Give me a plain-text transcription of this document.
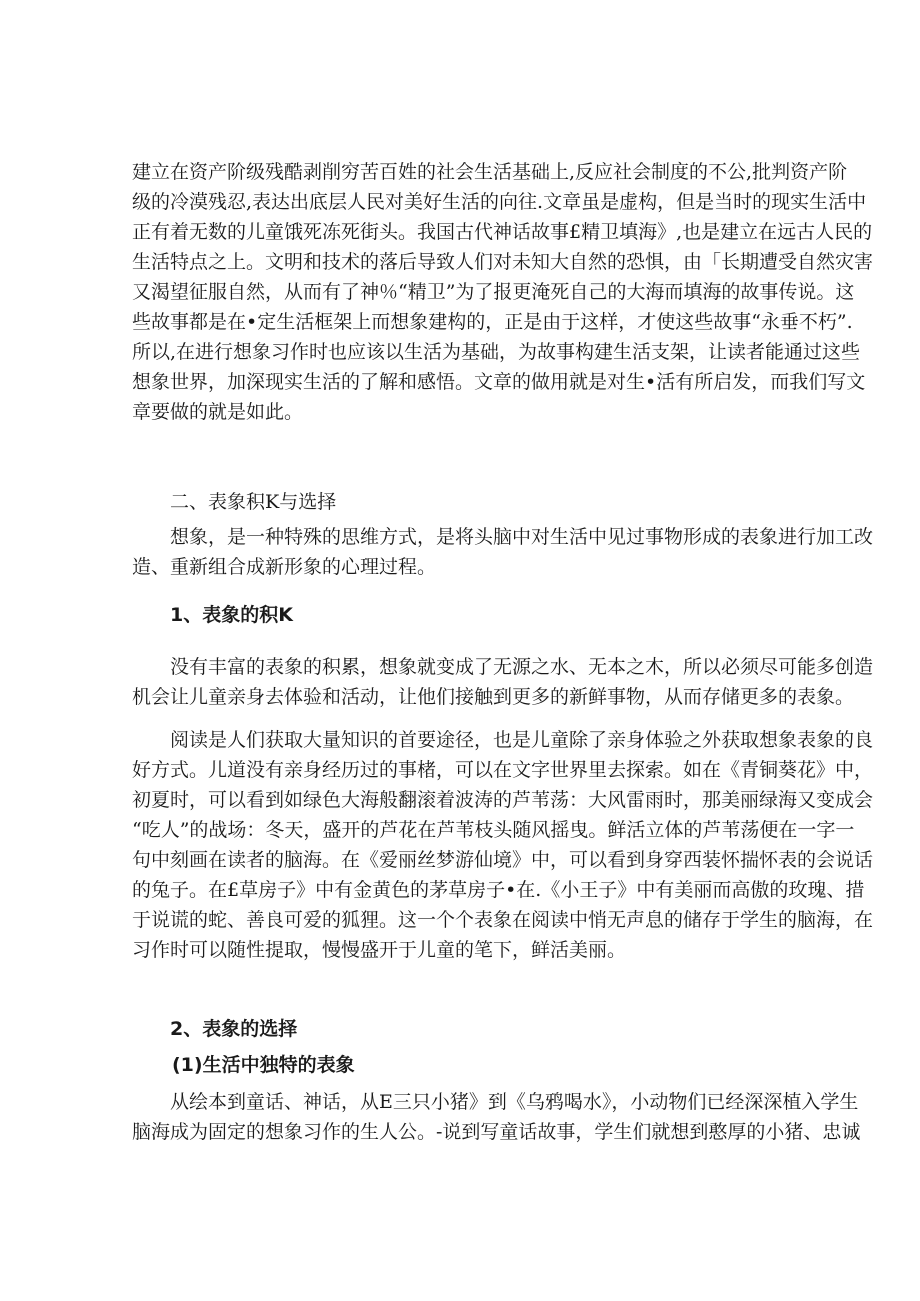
建立在资产阶级残酷剥削穷苦百姓的社会生活基础上,反应社会制度的不公,批判资产阶
级的冷漠残忍,表达出底层人民对美好生活的向往.文章虽是虚构，但是当时的现实生活中
正有着无数的儿童饿死冻死街头。我国古代神话故事£精卫填海》,也是建立在远古人民的
生活特点之上。文明和技术的落后导致人们对未知大自然的恐惧，由「长期遭受自然灾害
又渴望征服自然，从而有了神％“精卫”为了报更淹死自己的大海而填海的故事传说。这
些故事都是在•定生活框架上而想象建构的，正是由于这样，才使这些故事“永垂不朽”.
所以,在进行想象习作时也应该以生活为基础，为故事构建生活支架，让读者能通过这些
想象世界，加深现实生活的了解和感悟。文章的做用就是对生•活有所启发，而我们写文
章要做的就是如此。
二、表象积K与选择
想象，是一种特殊的思维方式，是将头脑中对生活中见过事物形成的表象进行加工改
造、重新组合成新形象的心理过程。
1、表象的积K
没有丰富的表象的积累，想象就变成了无源之水、无本之木，所以必须尽可能多创造
机会让儿童亲身去体验和活动，让他们接触到更多的新鲜事物，从而存储更多的表象。
阅读是人们获取大量知识的首要途径，也是儿童除了亲身体验之外获取想象表象的良
好方式。儿道没有亲身经历过的事楮，可以在文字世界里去探索。如在《青铜葵花》中，
初夏时，可以看到如绿色大海般翻滚着波涛的芦苇荡：大风雷雨时，那美丽绿海又变成会
“吃人”的战场：冬天，盛开的芦花在芦苇枝头随风摇曳。鲜活立体的芦苇荡便在一字一
句中刻画在读者的脑海。在《爱丽丝梦游仙境》中，可以看到身穿西装怀揣怀表的会说话
的兔子。在£草房子》中有金黄色的茅草房子•在.《小王子》中有美丽而高傲的玫瑰、措
于说谎的蛇、善良可爱的狐狸。这一个个表象在阅读中悄无声息的储存于学生的脑海，在
习作时可以随性提取，慢慢盛开于儿童的笔下，鲜活美丽。
2、表象的选择
(1)生活中独特的表象
从绘本到童话、神话，从E三只小猪》到《乌鸦喝水》，小动物们已经深深植入学生
脑海成为固定的想象习作的生人公。-说到写童话故事，学生们就想到憨厚的小猪、忠诚
